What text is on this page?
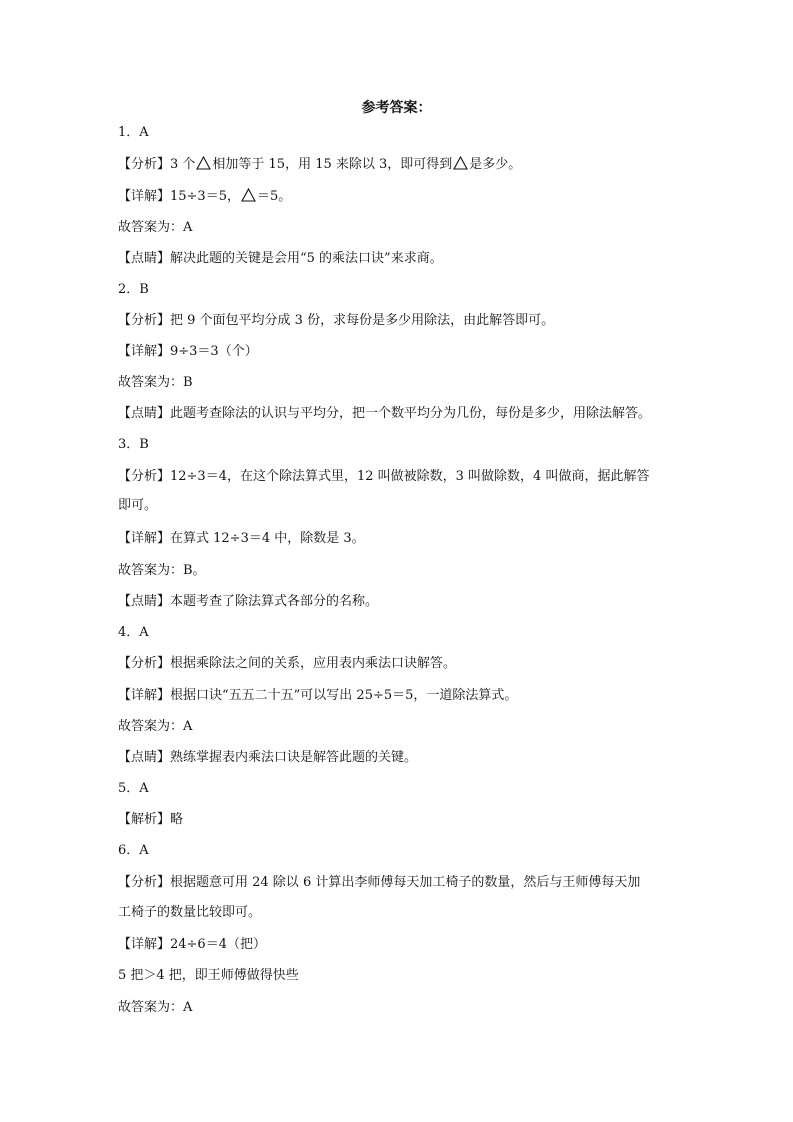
参考答案：
1．A
【分析】3 个 相加等于 15，用 15 来除以 3，即可得到 是多少。
【详解】15÷3＝5， ＝5。
故答案为：A
【点睛】解决此题的关键是会用“5 的乘法口诀”来求商。
2．B
【分析】把 9 个面包平均分成 3 份，求每份是多少用除法，由此解答即可。
【详解】9÷3＝3（个）
故答案为：B
【点睛】此题考查除法的认识与平均分，把一个数平均分为几份，每份是多少，用除法解答。
3．B
【分析】12÷3＝4，在这个除法算式里，12 叫做被除数，3 叫做除数，4 叫做商，据此解答
即可。
【详解】在算式 12÷3＝4 中，除数是 3。
故答案为：B。
【点睛】本题考查了除法算式各部分的名称。
4．A
【分析】根据乘除法之间的关系，应用表内乘法口诀解答。
【详解】根据口诀“五五二十五”可以写出 25÷5＝5，一道除法算式。
故答案为：A
【点睛】熟练掌握表内乘法口诀是解答此题的关键。
5．A
【解析】略
6．A
【分析】根据题意可用 24 除以 6 计算出李师傅每天加工椅子的数量，然后与王师傅每天加
工椅子的数量比较即可。
【详解】24÷6＝4（把）
5 把＞4 把，即王师傅做得快些
故答案为：A
